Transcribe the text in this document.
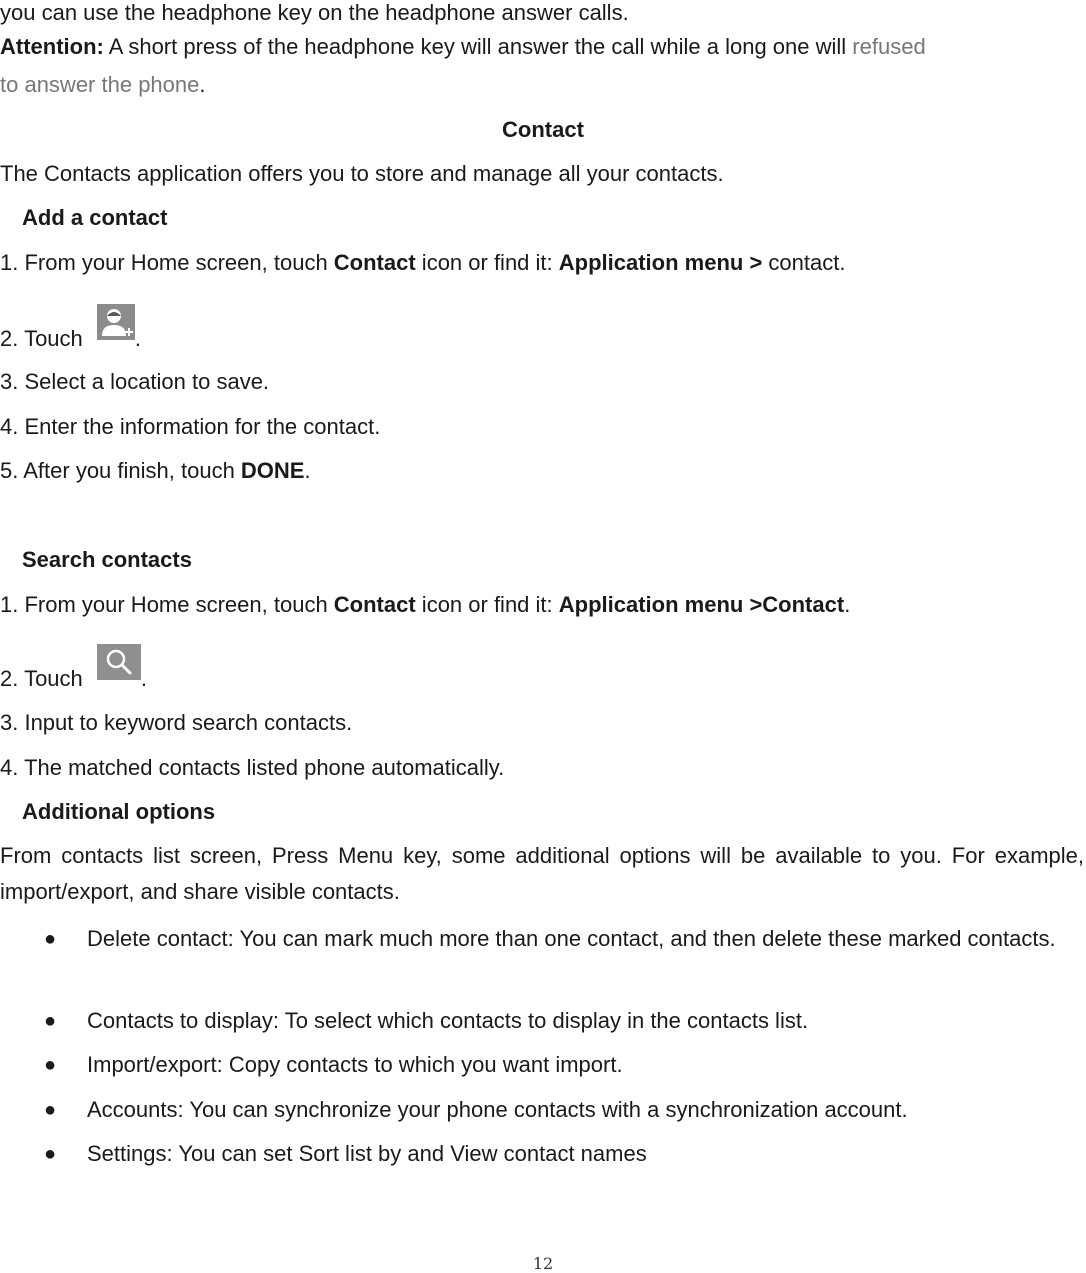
you can use the headphone key on the headphone answer calls.
Attention: A short press of the headphone key will answer the call while a long one will refused
to answer the phone.
Contact
The Contacts application offers you to store and manage all your contacts.
Add a contact
1. From your Home screen, touch Contact icon or find it: Application menu > contact.
2. Touch .
3. Select a location to save.
4. Enter the information for the contact.
5. After you finish, touch DONE.
Search contacts
1. From your Home screen, touch Contact icon or find it: Application menu >Contact.
2. Touch	.
3. Input to keyword search contacts.
4. The matched contacts listed phone automatically.
Additional options
From contacts list screen, Press Menu key, some additional options will be available to you. For example, import/export, and share visible contacts.
● Delete contact: You can mark much more than one contact, and then delete these marked contacts.
● Contacts to display: To select which contacts to display in the contacts list.
● Import/export: Copy contacts to which you want import.
● Accounts: You can synchronize your phone contacts with a synchronization account.
● Settings: You can set Sort list by and View contact names
12
